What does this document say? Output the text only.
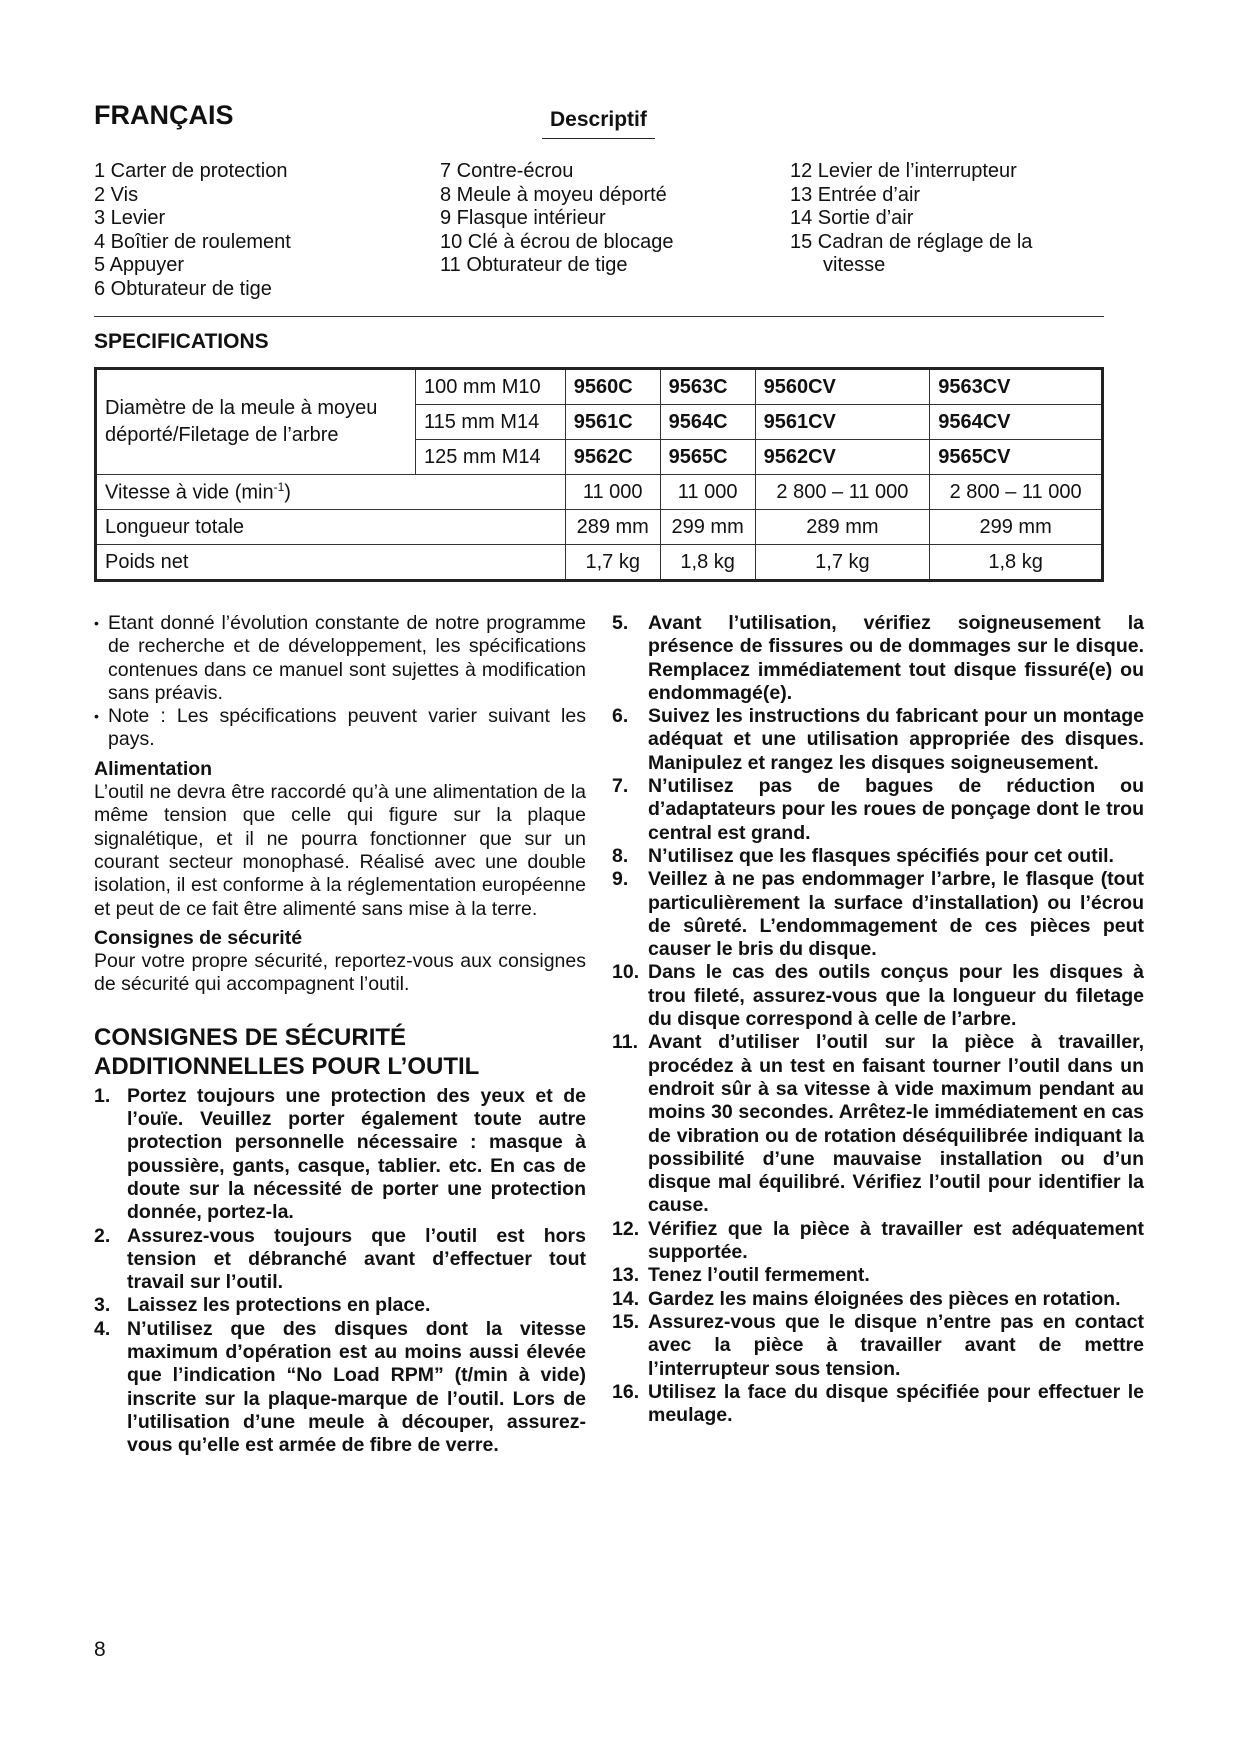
FRANÇAIS	Descriptif
1 Carter de protection
2 Vis
3 Levier
4 Boîtier de roulement
5 Appuyer
6 Obturateur de tige
7 Contre-écrou
8 Meule à moyeu déporté
9 Flasque intérieur
10 Clé à écrou de blocage
11 Obturateur de tige
12 Levier de l’interrupteur
13 Entrée d’air
14 Sortie d’air
15 Cadran de réglage de la
vitesse
SPECIFICATIONS
Diamètre de la meule à moyeu déporté/Filetage de l’arbre	100 mm M10	9560C	9563C	9560CV	9563CV
	115 mm M14	9561C	9564C	9561CV	9564CV
	125 mm M14	9562C	9565C	9562CV	9565CV
Vitesse à vide $(\min^{-1})$		11 000	11 000	2 800 – 11 000	2 800 – 11 000
Longueur totale		289 mm	299 mm	289 mm	299 mm
Poids net		1,7 kg	1,8 kg	1,7 kg	1,8 kg
• Etant donné l’évolution constante de notre programme de recherche et de développement, les spécifications contenues dans ce manuel sont sujettes à modification sans préavis.
• Note : Les spécifications peuvent varier suivant les pays.
Alimentation
L’outil ne devra être raccordé qu’à une alimentation de la même tension que celle qui figure sur la plaque signalétique, et il ne pourra fonctionner que sur un courant secteur monophasé. Réalisé avec une double isolation, il est conforme à la réglementation européenne et peut de ce fait être alimenté sans mise à la terre.
Consignes de sécurité
Pour votre propre sécurité, reportez-vous aux consignes de sécurité qui accompagnent l’outil.
CONSIGNES DE SÉCURITÉ
ADDITIONNELLES POUR L’OUTIL
1. Portez toujours une protection des yeux et de l’ouïe. Veuillez porter également toute autre protection personnelle nécessaire : masque à poussière, gants, casque, tablier. etc. En cas de doute sur la nécessité de porter une protection donnée, portez-la.
2. Assurez-vous toujours que l’outil est hors tension et débranché avant d’effectuer tout travail sur l’outil.
3. Laissez les protections en place.
4. N’utilisez que des disques dont la vitesse maximum d’opération est au moins aussi élevée que l’indication “No Load RPM” (t/min à vide) inscrite sur la plaque-marque de l’outil. Lors de l’utilisation d’une meule à découper, assurez-vous qu’elle est armée de fibre de verre.
5. Avant l’utilisation, vérifiez soigneusement la présence de fissures ou de dommages sur le disque. Remplacez immédiatement tout disque fissuré(e) ou endommagé(e).
6. Suivez les instructions du fabricant pour un montage adéquat et une utilisation appropriée des disques. Manipulez et rangez les disques soigneusement.
7. N’utilisez pas de bagues de réduction ou d’adaptateurs pour les roues de ponçage dont le trou central est grand.
8. N’utilisez que les flasques spécifiés pour cet outil.
9. Veillez à ne pas endommager l’arbre, le flasque (tout particulièrement la surface d’installation) ou l’écrou de sûreté. L’endommagement de ces pièces peut causer le bris du disque.
10. Dans le cas des outils conçus pour les disques à trou fileté, assurez-vous que la longueur du filetage du disque correspond à celle de l’arbre.
11. Avant d’utiliser l’outil sur la pièce à travailler, procédez à un test en faisant tourner l’outil dans un endroit sûr à sa vitesse à vide maximum pendant au moins 30 secondes. Arrêtez-le immédiatement en cas de vibration ou de rotation déséquilibrée indiquant la possibilité d’une mauvaise installation ou d’un disque mal équilibré. Vérifiez l’outil pour identifier la cause.
12. Vérifiez que la pièce à travailler est adéquatement supportée.
13. Tenez l’outil fermement.
14. Gardez les mains éloignées des pièces en rotation.
15. Assurez-vous que le disque n’entre pas en contact avec la pièce à travailler avant de mettre l’interrupteur sous tension.
16. Utilisez la face du disque spécifiée pour effectuer le meulage.
8
